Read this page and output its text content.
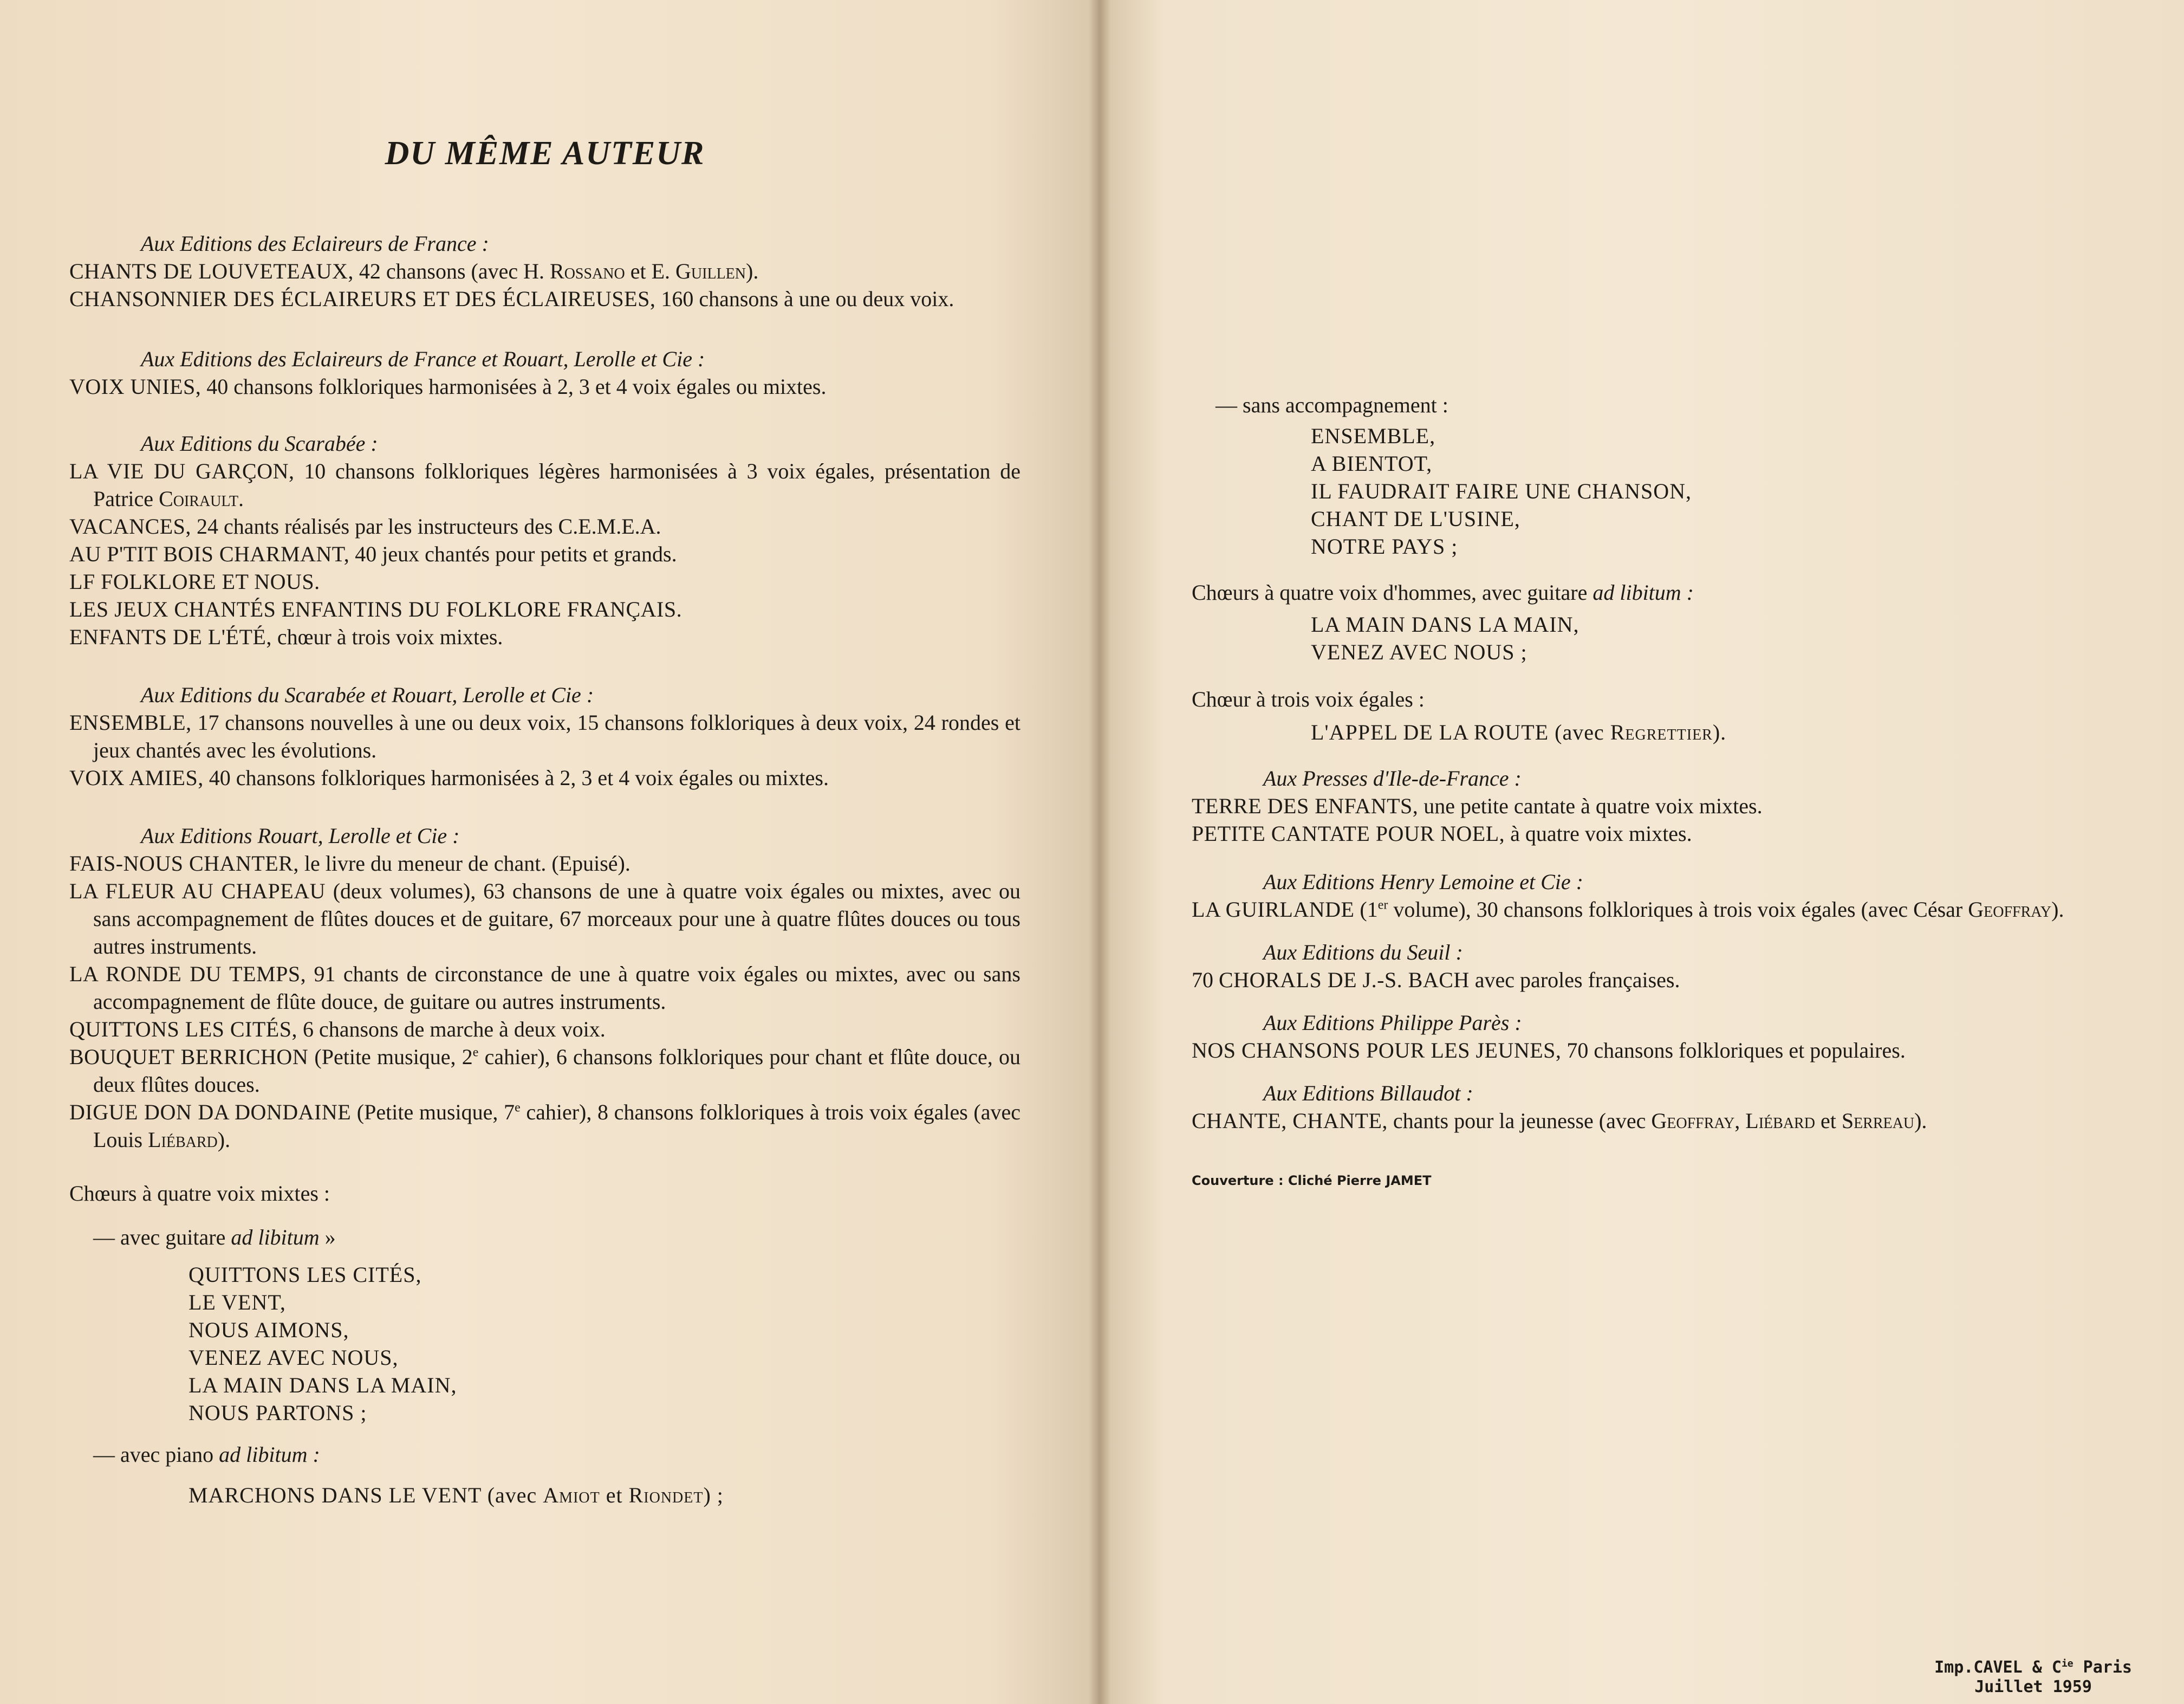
DU MÊME AUTEUR
Aux Editions des Eclaireurs de France :

CHANTS DE LOUVETEAUX, 42 chansons (avec H. Rossano et E. Guillen).

CHANSONNIER DES ÉCLAIREURS ET DES ÉCLAIREUSES, 160 chansons à une ou deux voix.

Aux Editions des Eclaireurs de France et Rouart, Lerolle et Cie :

VOIX UNIES, 40 chansons folkloriques harmonisées à 2, 3 et 4 voix égales ou mixtes.

Aux Editions du Scarabée :

LA VIE DU GARÇON, 10 chansons folkloriques légères harmonisées à 3 voix égales, présentation de Patrice Coirault.

VACANCES, 24 chants réalisés par les instructeurs des C.E.M.E.A.

AU P'TIT BOIS CHARMANT, 40 jeux chantés pour petits et grands.

LF FOLKLORE ET NOUS.

LES JEUX CHANTÉS ENFANTINS DU FOLKLORE FRANÇAIS.

ENFANTS DE L'ÉTÉ, chœur à trois voix mixtes.

Aux Editions du Scarabée et Rouart, Lerolle et Cie :

ENSEMBLE, 17 chansons nouvelles à une ou deux voix, 15 chansons folkloriques à deux voix, 24 rondes et jeux chantés avec les évolutions.

VOIX AMIES, 40 chansons folkloriques harmonisées à 2, 3 et 4 voix égales ou mixtes.

Aux Editions Rouart, Lerolle et Cie :

FAIS-NOUS CHANTER, le livre du meneur de chant. (Epuisé).

LA FLEUR AU CHAPEAU (deux volumes), 63 chansons de une à quatre voix égales ou mixtes, avec ou sans accompagnement de flûtes douces et de guitare, 67 morceaux pour une à quatre flûtes douces ou tous autres instruments.

LA RONDE DU TEMPS, 91 chants de circonstance de une à quatre voix égales ou mixtes, avec ou sans accompagnement de flûte douce, de guitare ou autres instruments.

QUITTONS LES CITÉS, 6 chansons de marche à deux voix.

BOUQUET BERRICHON (Petite musique, 2e cahier), 6 chansons folkloriques pour chant et flûte douce, ou deux flûtes douces.

DIGUE DON DA DONDAINE (Petite musique, 7e cahier), 8 chansons folkloriques à trois voix égales (avec Louis Liébard).

Chœurs à quatre voix mixtes :
— avec guitare ad libitum »
QUITTONS LES CITÉS,
LE VENT,
NOUS AIMONS,
VENEZ AVEC NOUS,
LA MAIN DANS LA MAIN,
NOUS PARTONS ;
— avec piano ad libitum :
MARCHONS DANS LE VENT (avec Amiot et Riondet) ;
— sans accompagnement :
ENSEMBLE,
A BIENTOT,
IL FAUDRAIT FAIRE UNE CHANSON,
CHANT DE L'USINE,
NOTRE PAYS ;
Chœurs à quatre voix d'hommes, avec guitare ad libitum :
LA MAIN DANS LA MAIN,
VENEZ AVEC NOUS ;
Chœur à trois voix égales :
L'APPEL DE LA ROUTE (avec Regrettier).
Aux Presses d'Ile-de-France :

TERRE DES ENFANTS, une petite cantate à quatre voix mixtes.

PETITE CANTATE POUR NOEL, à quatre voix mixtes.

Aux Editions Henry Lemoine et Cie :

LA GUIRLANDE (1er volume), 30 chansons folkloriques à trois voix égales (avec César Geoffray).

Aux Editions du Seuil :

70 CHORALS DE J.-S. BACH avec paroles françaises.

Aux Editions Philippe Parès :

NOS CHANSONS POUR LES JEUNES, 70 chansons folkloriques et populaires.

Aux Editions Billaudot :

CHANTE, CHANTE, chants pour la jeunesse (avec Geoffray, Liébard et Serreau).

Couverture : Cliché Pierre JAMET
Imp.CAVEL & $C^{ie}$ Paris
Juillet 1959
